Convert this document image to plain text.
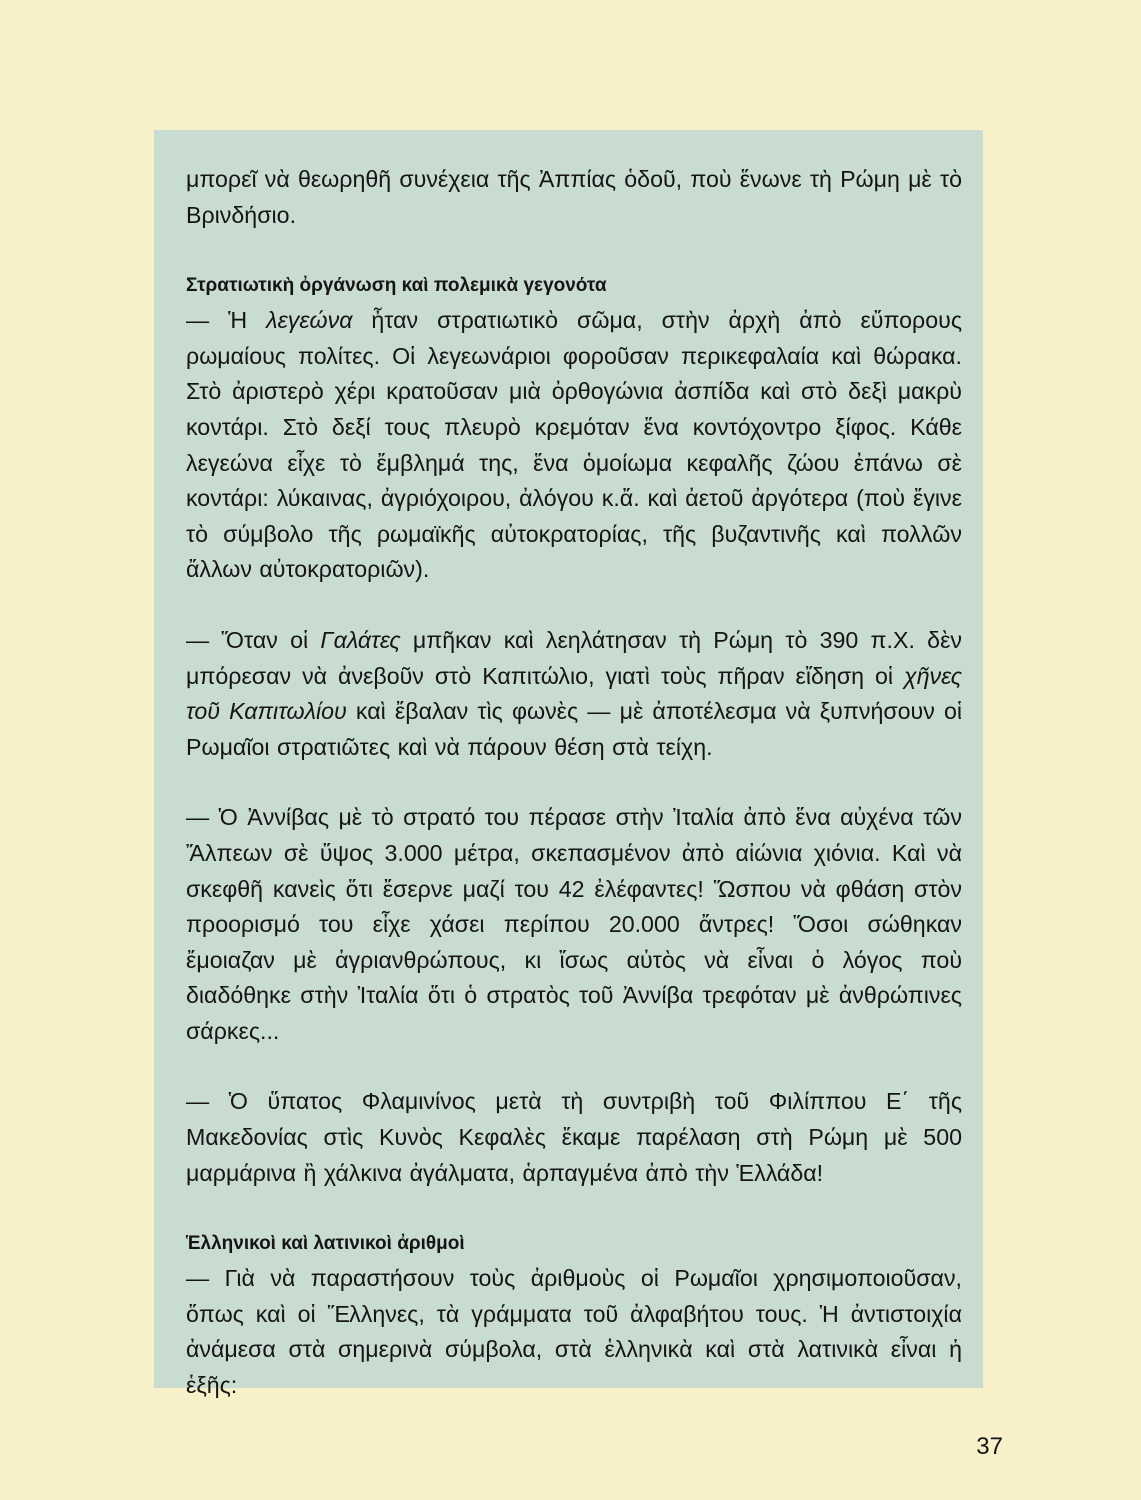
μπορεῖ νὰ θεωρηθῆ συνέχεια τῆς Ἀππίας ὁδοῦ, ποὺ ἕνωνε τὴ Ρώμη μὲ τὸ Βρινδήσιο.

Στρατιωτικὴ ὀργάνωση καὶ πολεμικὰ γεγονότα

— Ἡ λεγεώνα ἦταν στρατιωτικὸ σῶμα, στὴν ἀρχὴ ἀπὸ εὔπορους ρωμαίους πολίτες. Οἱ λεγεωνάριοι φοροῦσαν περικεφαλαία καὶ θώρακα. Στὸ ἀριστερὸ χέρι κρατοῦσαν μιὰ ὀρθογώνια ἀσπίδα καὶ στὸ δεξὶ μακρὺ κοντάρι. Στὸ δεξί τους πλευρὸ κρεμόταν ἕνα κοντόχοντρο ξίφος. Κάθε λεγεώνα εἶχε τὸ ἔμβλημά της, ἕνα ὁμοίωμα κεφαλῆς ζώου ἐπάνω σὲ κοντάρι: λύκαινας, ἀγριόχοιρου, ἀλόγου κ.ἄ. καὶ ἀετοῦ ἀργότερα (ποὺ ἔγινε τὸ σύμβολο τῆς ρωμαϊκῆς αὐτοκρατορίας, τῆς βυζαντινῆς καὶ πολλῶν ἄλλων αὐτοκρατοριῶν).

— Ὅταν οἱ Γαλάτες μπῆκαν καὶ λεηλάτησαν τὴ Ρώμη τὸ 390 π.Χ. δὲν μπόρεσαν νὰ ἀνεβοῦν στὸ Καπιτώλιο, γιατὶ τοὺς πῆραν εἴδηση οἱ χῆνες τοῦ Καπιτωλίου καὶ ἔβαλαν τὶς φωνὲς — μὲ ἀποτέλεσμα νὰ ξυπνήσουν οἱ Ρωμαῖοι στρατιῶτες καὶ νὰ πάρουν θέση στὰ τείχη.

— Ὁ Ἀννίβας μὲ τὸ στρατό του πέρασε στὴν Ἰταλία ἀπὸ ἕνα αὐχένα τῶν Ἄλπεων σὲ ὕψος 3.000 μέτρα, σκεπασμένον ἀπὸ αἰώνια χιόνια. Καὶ νὰ σκεφθῆ κανεὶς ὅτι ἔσερνε μαζί του 42 ἐλέφαντες! Ὥσπου νὰ φθάση στὸν προορισμό του εἶχε χάσει περίπου 20.000 ἄντρες! Ὅσοι σώθηκαν ἔμοιαζαν μὲ ἀγριανθρώπους, κι ἴσως αὐτὸς νὰ εἶναι ὁ λόγος ποὺ διαδόθηκε στὴν Ἰταλία ὅτι ὁ στρατὸς τοῦ Ἀννίβα τρεφόταν μὲ ἀνθρώπινες σάρκες...

— Ὁ ὕπατος Φλαμινίνος μετὰ τὴ συντριβὴ τοῦ Φιλίππου Ε΄ τῆς Μακεδονίας στὶς Κυνὸς Κεφαλὲς ἔκαμε παρέλαση στὴ Ρώμη μὲ 500 μαρμάρινα ἢ χάλκινα ἀγάλματα, ἁρπαγμένα ἀπὸ τὴν Ἑλλάδα!

Ἑλληνικοὶ καὶ λατινικοὶ ἀριθμοὶ

— Γιὰ νὰ παραστήσουν τοὺς ἀριθμοὺς οἱ Ρωμαῖοι χρησιμοποιοῦσαν, ὅπως καὶ οἱ Ἕλληνες, τὰ γράμματα τοῦ ἀλφαβήτου τους. Ἡ ἀντιστοιχία ἀνάμεσα στὰ σημερινὰ σύμβολα, στὰ ἑλληνικὰ καὶ στὰ λατινικὰ εἶναι ἡ ἑξῆς:

37
